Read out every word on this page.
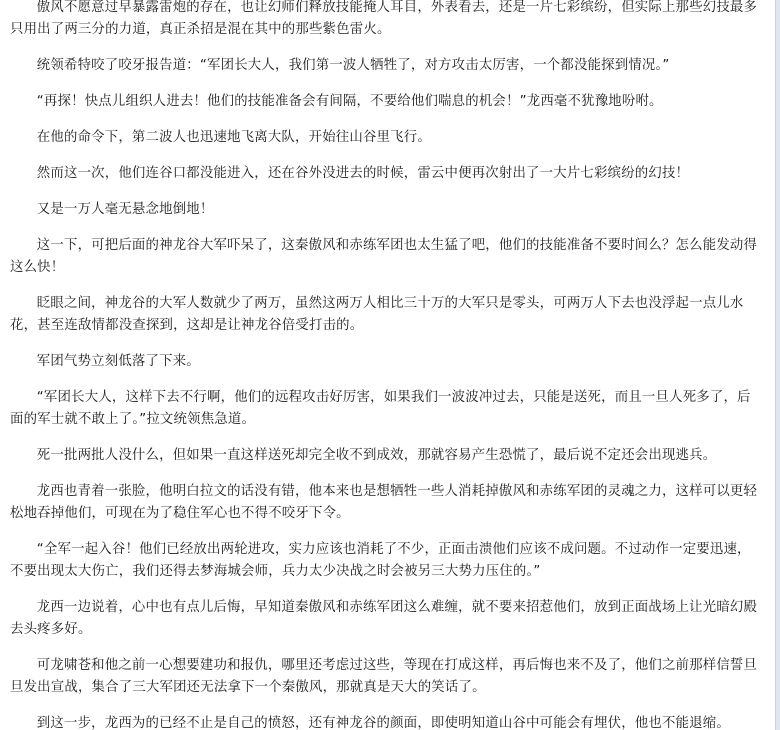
傲风不愿意过早暴露雷炮的存在，也让幻师们释放技能掩人耳目，外表看去，还是一片七彩缤纷，但实际上那些幻技最多只用出了两三分的力道，真正杀招是混在其中的那些紫色雷火。

统领希特咬了咬牙报告道：“军团长大人，我们第一波人牺牲了，对方攻击太厉害，一个都没能探到情况。”

“再探！快点儿组织人进去！他们的技能准备会有间隔，不要给他们喘息的机会！”龙西毫不犹豫地吩咐。

在他的命令下，第二波人也迅速地飞离大队，开始往山谷里飞行。

然而这一次，他们连谷口都没能进入，还在谷外没进去的时候，雷云中便再次射出了一大片七彩缤纷的幻技！

又是一万人毫无悬念地倒地！

这一下，可把后面的神龙谷大军吓呆了，这秦傲风和赤练军团也太生猛了吧，他们的技能准备不要时间么？怎么能发动得这么快！

眨眼之间，神龙谷的大军人数就少了两万，虽然这两万人相比三十万的大军只是零头，可两万人下去也没浮起一点儿水花，甚至连敌情都没查探到，这却是让神龙谷倍受打击的。

军团气势立刻低落了下来。

“军团长大人，这样下去不行啊，他们的远程攻击好厉害，如果我们一波波冲过去，只能是送死，而且一旦人死多了，后面的军士就不敢上了。”拉文统领焦急道。

死一批两批人没什么，但如果一直这样送死却完全收不到成效，那就容易产生恐慌了，最后说不定还会出现逃兵。

龙西也青着一张脸，他明白拉文的话没有错，他本来也是想牺牲一些人消耗掉傲风和赤练军团的灵魂之力，这样可以更轻松地吞掉他们，可现在为了稳住军心也不得不咬牙下令。

“全军一起入谷！他们已经放出两轮进攻，实力应该也消耗了不少，正面击溃他们应该不成问题。不过动作一定要迅速，不要出现太大伤亡，我们还得去梦海城会师，兵力太少决战之时会被另三大势力压住的。”

龙西一边说着，心中也有点儿后悔，早知道秦傲风和赤练军团这么难缠，就不要来招惹他们，放到正面战场上让光暗幻殿去头疼多好。

可龙啸苍和他之前一心想要建功和报仇，哪里还考虑过这些，等现在打成这样，再后悔也来不及了，他们之前那样信誓旦旦发出宣战，集合了三大军团还无法拿下一个秦傲风，那就真是天大的笑话了。

到这一步，龙西为的已经不止是自己的愤怒，还有神龙谷的颜面，即使明知道山谷中可能会有埋伏，他也不能退缩。
